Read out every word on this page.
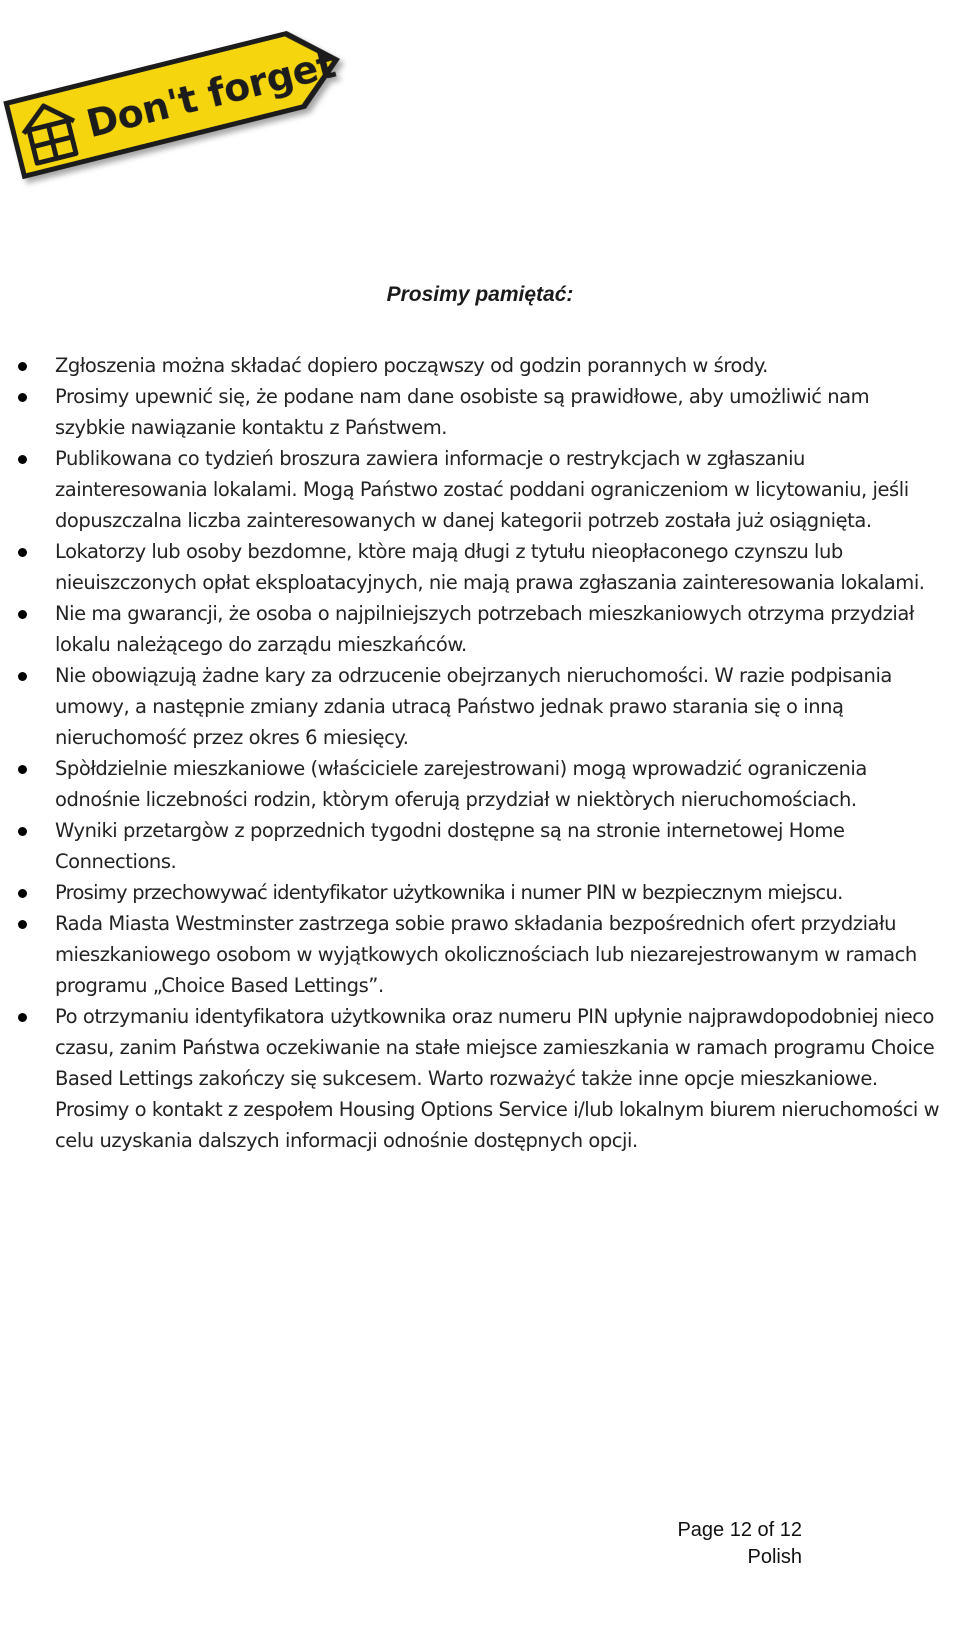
Don't forget
Prosimy pamiętać:
Zgłoszenia można składać dopiero począwszy od godzin porannych w środy.
Prosimy upewnić się, że podane nam dane osobiste są prawidłowe, aby umożliwić nam szybkie nawiązanie kontaktu z Państwem.
Publikowana co tydzień broszura zawiera informacje o restrykcjach w zgłaszaniu zainteresowania lokalami. Mogą Państwo zostać poddani ograniczeniom w licytowaniu, jeśli dopuszczalna liczba zainteresowanych w danej kategorii potrzeb została już osiągnięta.
Lokatorzy lub osoby bezdomne, ktòre mają długi z tytułu nieopłaconego czynszu lub nieuiszczonych opłat eksploatacyjnych, nie mają prawa zgłaszania zainteresowania lokalami.
Nie ma gwarancji, że osoba o najpilniejszych potrzebach mieszkaniowych otrzyma przydział lokalu należącego do zarządu mieszkańców.
Nie obowiązują żadne kary za odrzucenie obejrzanych nieruchomości. W razie podpisania umowy, a następnie zmiany zdania utracą Państwo jednak prawo starania się o inną nieruchomość przez okres 6 miesięcy.
Spòłdzielnie mieszkaniowe (właściciele zarejestrowani) mogą wprowadzić ograniczenia odnośnie liczebności rodzin, ktòrym oferują przydział w niektòrych nieruchomościach.
Wyniki przetargòw z poprzednich tygodni dostępne są na stronie internetowej Home Connections.
Prosimy przechowywać identyfikator użytkownika i numer PIN w bezpiecznym miejscu.
Rada Miasta Westminster zastrzega sobie prawo składania bezpośrednich ofert przydziału mieszkaniowego osobom w wyjątkowych okolicznościach lub niezarejestrowanym w ramach programu „Choice Based Lettings”.
Po otrzymaniu identyfikatora użytkownika oraz numeru PIN upłynie najprawdopodobniej nieco czasu, zanim Państwa oczekiwanie na stałe miejsce zamieszkania w ramach programu Choice Based Lettings zakończy się sukcesem. Warto rozważyć także inne opcje mieszkaniowe. Prosimy o kontakt z zespołem Housing Options Service i/lub lokalnym biurem nieruchomości w celu uzyskania dalszych informacji odnośnie dostępnych opcji.
Page 12 of 12
Polish
